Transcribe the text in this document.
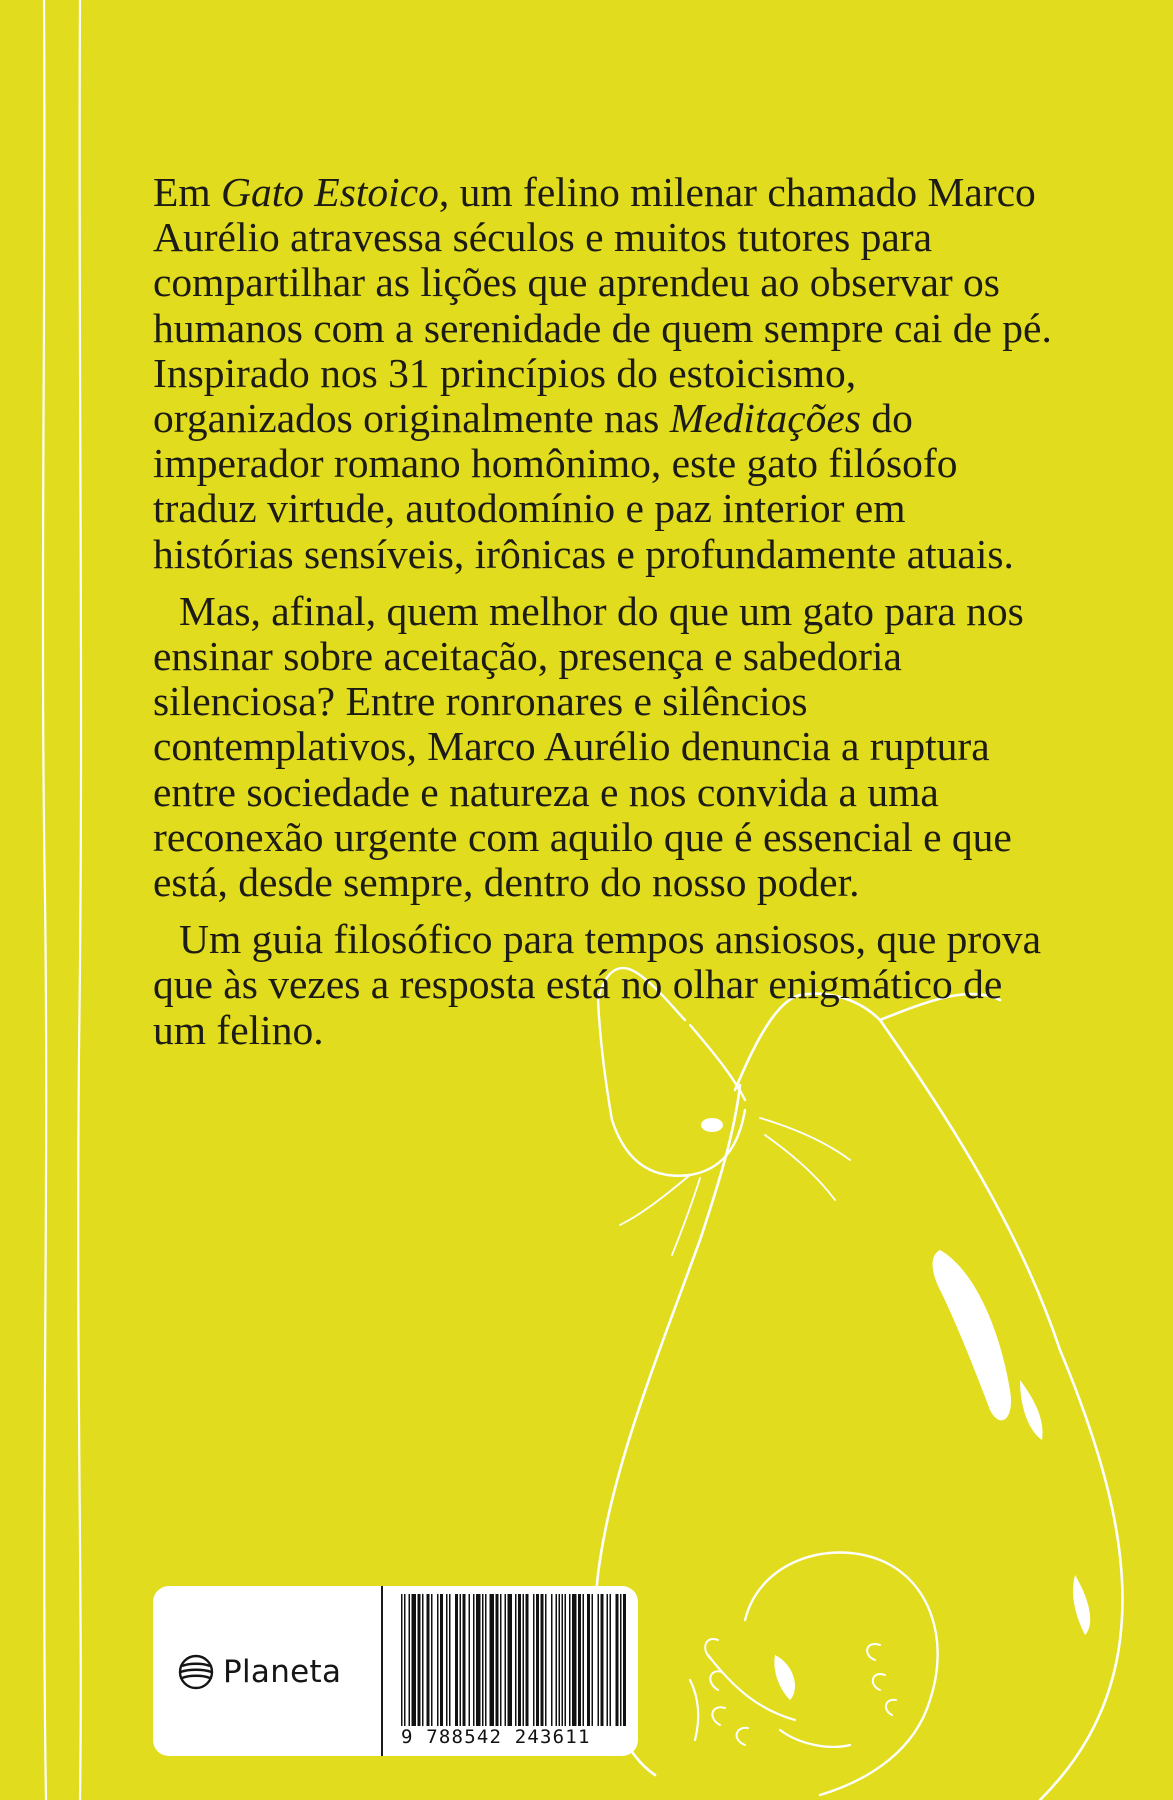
Em Gato Estoico, um felino milenar chamado Marco Aurélio atravessa séculos e muitos tutores para compartilhar as lições que aprendeu ao observar os humanos com a serenidade de quem sempre cai de pé. Inspirado nos 31 princípios do estoicismo, organizados originalmente nas Meditações do imperador romano homônimo, este gato filósofo traduz virtude, autodomínio e paz interior em histórias sensíveis, irônicas e profundamente atuais.

Mas, afinal, quem melhor do que um gato para nos ensinar sobre aceitação, presença e sabedoria silenciosa? Entre ronronares e silêncios contemplativos, Marco Aurélio denuncia a ruptura entre sociedade e natureza e nos convida a uma reconexão urgente com aquilo que é essencial e que está, desde sempre, dentro do nosso poder.

Um guia filosófico para tempos ansiosos, que prova que às vezes a resposta está no olhar enigmático de um felino.

Planeta
9 788542 243611
